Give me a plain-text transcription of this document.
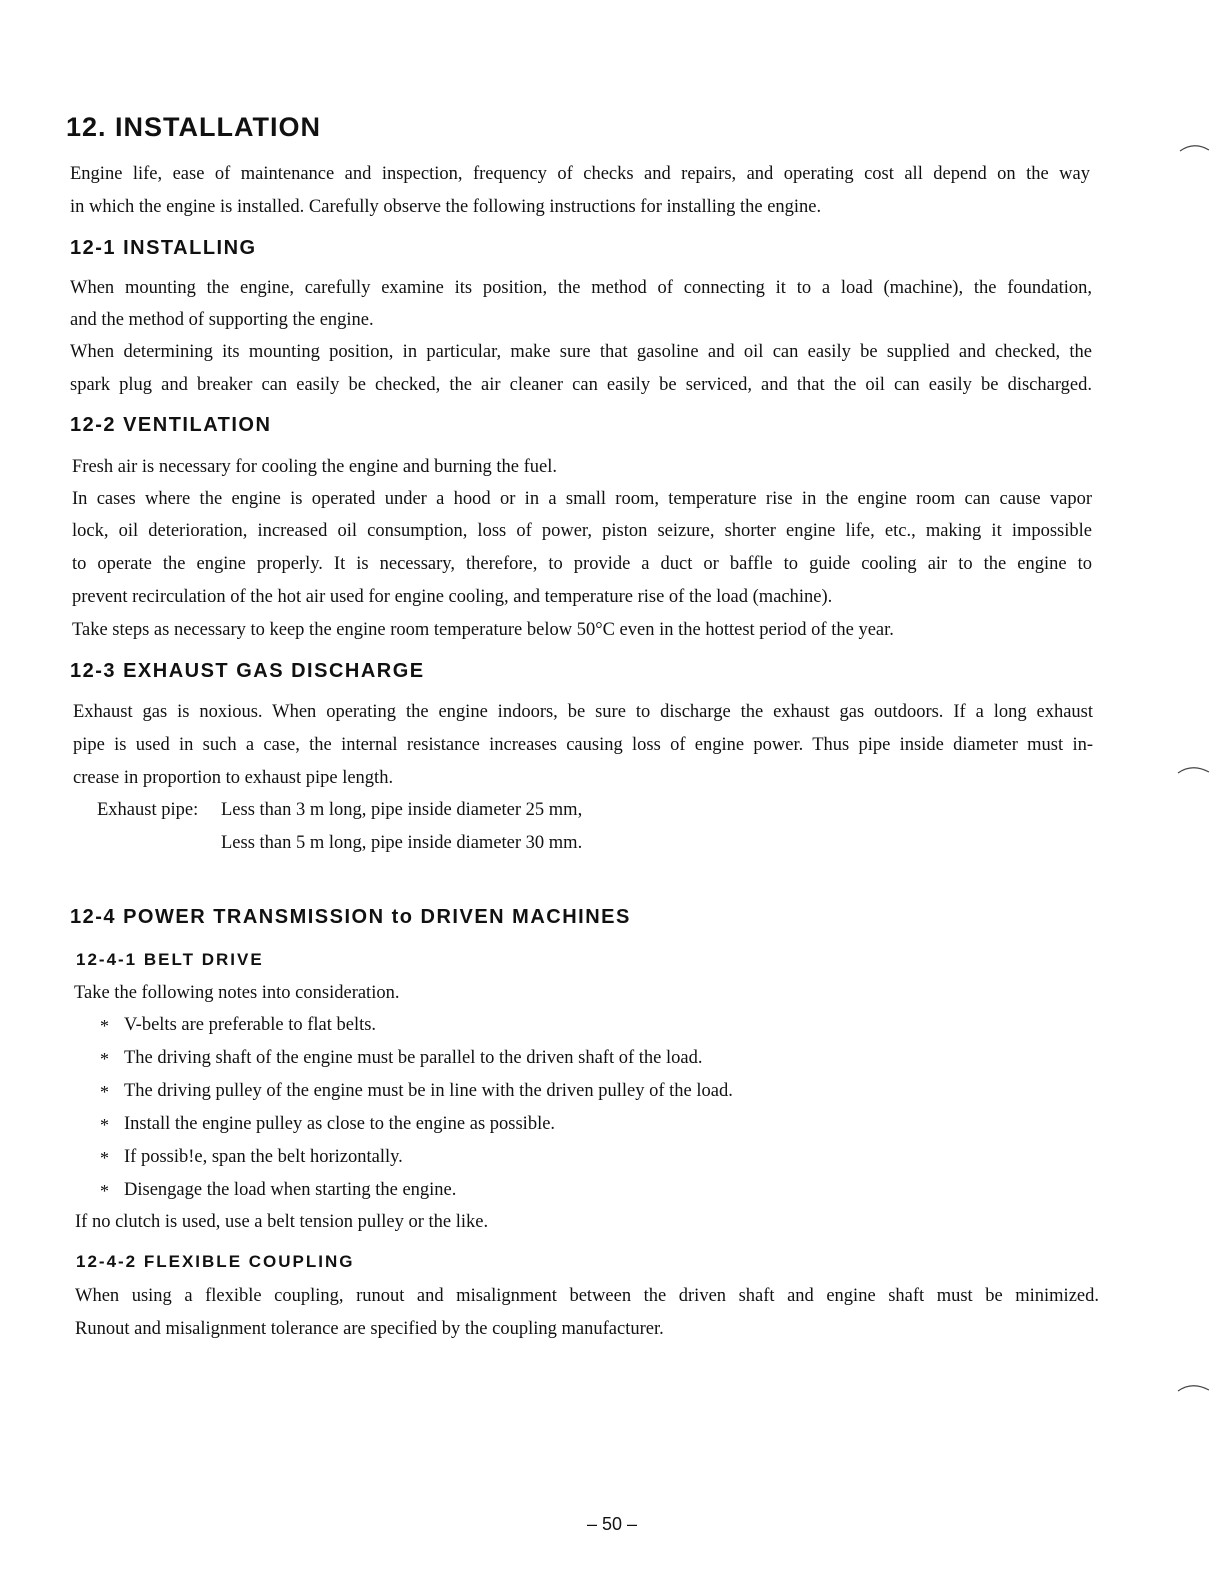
12. INSTALLATION

Engine life, ease of maintenance and inspection, frequency of checks and repairs, and operating cost all depend on the way

in which the engine is installed. Carefully observe the following instructions for installing the engine.

12-1 INSTALLING

When mounting the engine, carefully examine its position, the method of connecting it to a load (machine), the foundation,

and the method of supporting the engine.

When determining its mounting position, in particular, make sure that gasoline and oil can easily be supplied and checked, the

spark plug and breaker can easily be checked, the air cleaner can easily be serviced, and that the oil can easily be discharged.

12-2 VENTILATION

Fresh air is necessary for cooling the engine and burning the fuel.

In cases where the engine is operated under a hood or in a small room, temperature rise in the engine room can cause vapor

lock, oil deterioration, increased oil consumption, loss of power, piston seizure, shorter engine life, etc., making it impossible

to operate the engine properly. It is necessary, therefore, to provide a duct or baffle to guide cooling air to the engine to

prevent recirculation of the hot air used for engine cooling, and temperature rise of the load (machine).

Take steps as necessary to keep the engine room temperature below 50°C even in the hottest period of the year.

12-3 EXHAUST GAS DISCHARGE

Exhaust gas is noxious. When operating the engine indoors, be sure to discharge the exhaust gas outdoors. If a long exhaust

pipe is used in such a case, the internal resistance increases causing loss of engine power. Thus pipe inside diameter must in-

crease in proportion to exhaust pipe length.

Exhaust pipe: Less than 3 m long, pipe inside diameter 25 mm,

Less than 5 m long, pipe inside diameter 30 mm.

12-4 POWER TRANSMISSION to DRIVEN MACHINES
12-4-1 BELT DRIVE

Take the following notes into consideration.

* V-belts are preferable to flat belts.

* The driving shaft of the engine must be parallel to the driven shaft of the load.

* The driving pulley of the engine must be in line with the driven pulley of the load.

* Install the engine pulley as close to the engine as possible.

* If possib!e, span the belt horizontally.

* Disengage the load when starting the engine.

If no clutch is used, use a belt tension pulley or the like.

12-4-2 FLEXIBLE COUPLING

When using a flexible coupling, runout and misalignment between the driven shaft and engine shaft must be minimized.

Runout and misalignment tolerance are specified by the coupling manufacturer.

– 50 –
